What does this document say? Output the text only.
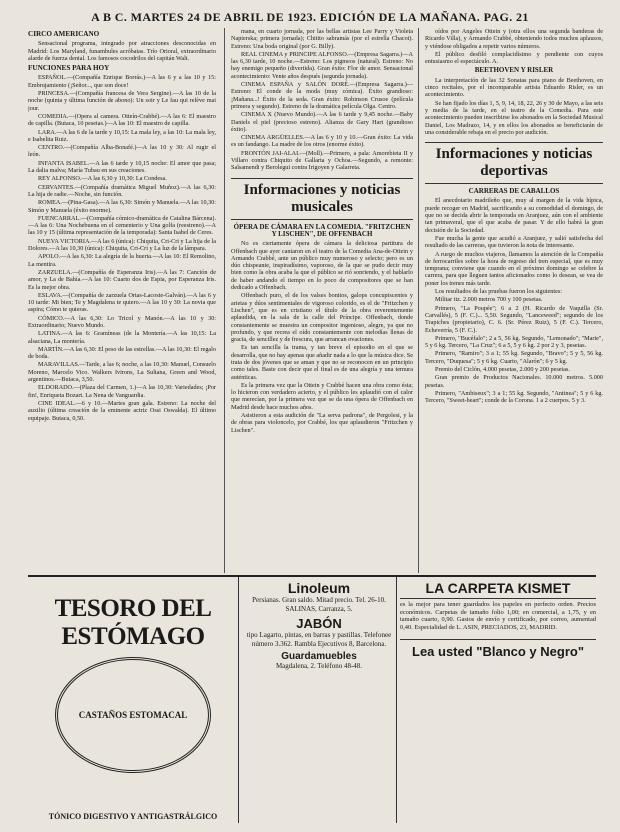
A B C. MARTES 24 DE ABRIL DE 1923. EDICIÓN DE LA MAÑANA. PAG. 21
CIRCO AMERICANO
Sensacional programa, integrado por atracciones desconocidas en Madrid: Los Maryland, funambules acróbatas. Trío Orioral, extraordinario alarde de fuerza dental. Los famosos cocodrilos del capitán Walt.
FUNCIONES PARA HOY
ESPAÑOL.—(Compañía Enrique Borrás.)—A las 6 y a las 10 y 15: Embrujamiento (¡Señor..., que son doce!
PRINCESA.—(Compañía francesa de Vera Sergine).—A las 10 de la noche (quinta y última función de abono): Un soir y Le fau qui relève mai jour.
COMEDIA.—(Opera al camera. Otteín-Crabbé).—A las 6: El maestro de capilla. (Butaca, 10 pesetas.)—A las 10: El maestro de capilla.
LARA.—A las 6 de la tarde y 10,15: La mala ley, a las 10: La mala ley, e Isabelita Ruiz.
CENTRO.—(Compañía Alba-Bonafé.)—A las 10 y 30: Al rugir el león.
INFANTA ISABEL.—A las 6 tarde y 10,15 noche: El amor que pasa; La dalia malva; María Tubau en sus creaciones.
REY ALFONSO.—A las 6,30 y 10,30: La Condesa.
CERVANTES.—(Compañía dramática Miguel Muñoz).—A las 6,30: La hija de radie.—Noche, sin función.
ROMEA.—(Pina-Gasa).—A las 6,30: Simón y Manuela.—A las 10,30: Simón y Manuela (éxito enorme).
FUENCARRAL.—(Compañía cómico-dramática de Catalina Bárcena).—A las 6: Una Nochebuena en el cementerio y Una golfa (reestreno).—A las 10 y 15 (última representación de la temporada): Santa Isabel de Ceres.
NUEVA VICTORIA.—A las 6 (única): Chiquita, Cri-Cri y La hija de la Dolores.—A las 10,30 (única): Chiquita, Cri-Cri y La luz de la lámpara.
APOLO.—A las 6,30: La alegría de la huerta.—A las 10: El Remolino, La mentira.
ZARZUELA.—(Compañía de Esperanza Iris).—A las 7: Canción de amor, y La de Bahía.—A las 10: Cuarto dos de Espia, por Esperanza Iris. Es la mejor obra.
ESLAVA.—(Compañía de zarzuela Ortas-Lacoste-Galván).—A las 6 y 10 tarde: Mi bien; Te y Magdalena te quiero.—A las 10 y 30: La novia que aspira; Cómo te quieras.
CÓMICO.—A las 6,30: Lo Tricol y Manón.—A las 10 y 30: Extraordinario; Nuevo Mundo.
LATINA.—A las 6: Gramíneas (de la Montería.—A las 10,15: La alsaciana, La montería.
MARTÍN.—A las 6,30: El peso de las estrellas.—A las 10,30: El regalo de boda.
MARAVILLAS.—Tarde, a las 6; noche, a las 10,30: Manuel, Consuelo Moreno, Marcelo Vico. Walkers Ivirons, La Sultana, Green and Wood, argentinos.—Butaca, 3,50.
ELDORADO.—(Plaza del Carmen, 1.)—A las 10,30: Variedades; ¡Por fin!, Enriqueta Bozart. La Nena de Vanguardia.
CINE IDEAL.—6 y 10.—Martes gran gala. Estreno: La noche del auxilio (última creación de la eminente actriz Ossi Oswalda). El último equipaje. Butaca, 0,50.
mana, en cuarto jornada, por las bellas artistas Lee Parry y Violeta Napierska; primera jornada); Chitito sabramás (por el estrella Chacot). Estreno: Una boda original (por G. Billy).
REAL CINEMA y PRINCIPE ALFONSO.—(Empresa Sagarra.)—A las 6,30 tarde, 10 noche.—Estreno: Los pigmeos (natural). Estreno: No hay enemigo pequeño (divertida). Gran éxito: Flor de amor. Sensacional acontecimiento: Vente años después (segunda jornada).
CINEMA ESPAÑA y SALÓN DORÉ.—(Empresa Sagarra.)—Estreno: El conde de la moda (muy cómica). Éxito grandioso: ¡Mañana...! Éxito de la seda. Gran éxito: Robinson Crusoe (película primera y segundo). Estreno de la dramática película Olga. Centro.
CINEMA X (Nuevo Mundo).—A las 6 tarde y 9,45 noche.—Baby Daniels el piel (precioso estreno). Alianza de Gary Hart (grandioso éxito).
CINEMA ARGÜELLES.—A las 6 y 10 y 10.—Gran éxito: La vida es un fandango. La madre de los otros (enorme éxito).
FRONTÓN JAI-ALAI.—(Moll).—Primero, a pala: Amorebieta II y Villaro contra Chiquito de Gallarta y Ochoa.—Segundo, a remonte: Salsamendi y Berolegui contra Irigoyen y Galarreta.
Informaciones y noticias musicales
ÓPERA DE CÁMARA EN LA COMEDIA. "FRITZCHEN Y LISCHEN", DE OFFENBACH
No es ciertamente ópera de cámara la deliciosa partitura de Offenbach que ayer cantaron en el teatro de la Comedia Ana-de-Ottein y Armando Crabbé, ante un público muy numeroso y selecto; pero es un dúo chispeante, inspiradísimo, vaporoso, de la que se pudo decir muy bien como la obra acaba la que el público se rió sonriendo, y el hablarlo de haber andando el tiempo en lo poco de compositores que se han dedicado a Offenbach.
Offenbach puro, el de los valses bonitos, galops concupiscentes y arietas y dúos sentimentales de vigoroso colorido, es el de "Fritzchen y Lischen", que es en cristiano el título de la obra reverentemente aplaudida, en la sala de la calle del Príncipe. Offenbach, donde constantemente se muestra un compositor ingenioso, alegre, ya que no profundo, y que recrea el oído constantemente con melodías llenas de gracia, de sencillez y de frescura, que arrancan ovaciones.
Es tan sencilla la trama, y tan breve el episodio en el que se desarrolla, que no hay apenas que añadir nada a lo que la música dice. Se trata de dos jóvenes que se aman y que no se reconocen en un principio como tales. Baste con decir que el final es de una alegría y una ternura auténticas.
Es la primera vez que la Ottein y Crabbé hacen una obra como ésta; lo hicieron con verdadero acierto, y el público les aplaudió con el calor que merecían, por la primera vez que se da una ópera de Offenbach en Madrid desde hace muchos años.
Asistieron a esta audición de "La serva padrona", de Pergolesi, y la de obras para violoncelo, por Crabbé, los que aplaudieron "Fritzchen y Lischen".
oídos por Angeles Ottein y (otra ellos una segunda banderas de Ricardo Villa), y Armando Crabbé, obteniendo todos muchos aplausos, y viéndose obligados a repetir varios números.
El público desfiló complacidísimo y pendiente con cuyos entusiasmo el espectáculo. A.
BEETHOVEN Y RISLER
La interpretación de las 32 Sonatas para piano de Beethoven, en cinco recitales, por el incomparable artista Eduardo Risler, es un acontecimiento.
Se han fijado los días 1, 5, 9, 14, 18, 22, 26 y 30 de Mayo, a las seis y media de la tarde, en el teatro de la Comedia. Para este acontecimiento pueden inscribirse los abonados en la Sociedad Musical Daniel, Los Madrazo, 14, y en ellos los abonados se beneficiarán de una considerable rebaja en el precio por audición.
Informaciones y noticias deportivas
CARRERAS DE CABALLOS
El anecdotario madrileño que, muy al margen de la vida hípica, puede recoger en Madrid, sacrificando a su comodidad el domingo, de que no se decida abrir la temporada en Aranjuez, aún con el ambiente tan primaveral, que el que acaba de pasar. Y de ello habrá la gran decisión de la Sociedad.
Fue mucha la gente que acudió a Aranjuez, y salió satisfecha del resultado de las carreras, que tuvieron la nota de interesante.
A ruego de muchos viajeros, llamamos la atención de la Compañía de ferrocarriles sobre la hora de regreso del tren especial, que es muy temprana; conviene que cuando en el próximo domingo se celebre la carrera, para que lleguen tantos aficionados como lo desean, se vea de poner los trenes más tarde.
Los resultados de las pruebas fueron los siguientes:
Militar itz. 2.000 metros 700 y 100 pesetas.
Primero, "La Poupée"; 6 a 2 (H. Ricardo de Vaquilla (Sr. Carvallés), 5 (F. C.)... 5,50. Segundo, "Lanceweed"; segundo de los Trapiches (propietario), C. 6. (Sr. Pérez Ruiz), 5 (F. C.). Tercero, Echeverría, 5 (F. C.).
Primero, "Bucéfalo"; 2 a 5, 56 kg. Segundo, "Lemonado"; "Marie", 5 y 6 kg. Tercero, "La Cruz"; 6 a 5, 5 y 6 kg. 2 por 2 y 3, pesetas.
Primero, "Ramiro"; 3 a 1; 55 kg. Segundo, "Bravo"; 5 y 5, 56 kg. Tercero, "Duquesa"; 5 y 6 kg. Cuarto, "Alarón"; 6 y 5 kg.
Premio del Ciclón, 4.000 pesetas, 2.000 y 200 pesetas.
Gran premio de Productos Nacionales. 10.000 metros. 5.000 pesetas.
Primero, "Ambiseux"; 3 a 1; 55 kg. Segundo, "Antinea"; 5 y 6 kg. Tercero, "Sweet-heart"; conde de la Corona. 1 a 2 cuerpos. 5 y 3.
TESORO DEL ESTÓMAGO
CASTAÑOS ESTOMACAL
TÓNICO DIGESTIVO Y ANTIGASTRÁLGICO
Linoleum
Persianas. Gran saldo. Mitad precio. Tel. 26-10. SALINAS, Carranza, 5.
JABÓN
tipo Lagarto, pintas, en barras y pastillas. Telefonee número 3.362. Rambla Ejecutivos 8, Barcelona.
Guardamuebles
Magdalena, 2. Teléfono 48-48.
LA CARPETA KISMET
es la mejor para tener guardados los papeles en perfecto orden. Precios económicos. Carpetas de tamaño folio 1,00; en comercial, a 1,75, y en tamaño cuarto, 0,90. Gastos de envío y certificado, por correo, aumentad 0,40. Especialidad de L. ASIN, PRECIADOS, 23, MADRID.
Lea usted "Blanco y Negro"
